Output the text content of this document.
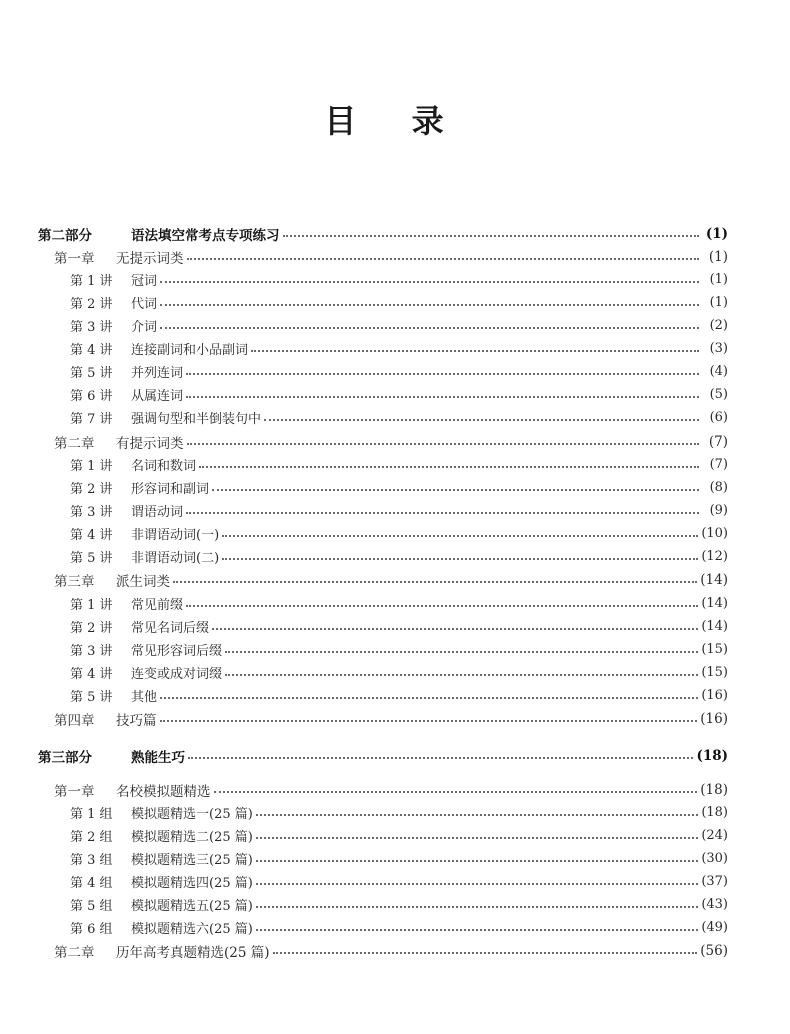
目 录
第二部分	语法填空常考点专项练习	(1)
第一章	无提示词类	(1)
第 1 讲	冠词	(1)
第 2 讲	代词	(1)
第 3 讲	介词	(2)
第 4 讲	连接副词和小品副词	(3)
第 5 讲	并列连词	(4)
第 6 讲	从属连词	(5)
第 7 讲	强调句型和半倒装句中	(6)
第二章	有提示词类	(7)
第 1 讲	名词和数词	(7)
第 2 讲	形容词和副词	(8)
第 3 讲	谓语动词	(9)
第 4 讲	非谓语动词(一)	(10)
第 5 讲	非谓语动词(二)	(12)
第三章	派生词类	(14)
第 1 讲	常见前缀	(14)
第 2 讲	常见名词后缀	(14)
第 3 讲	常见形容词后缀	(15)
第 4 讲	连变或成对词缀	(15)
第 5 讲	其他	(16)
第四章	技巧篇	(16)
第三部分	熟能生巧	(18)
第一章	名校模拟题精选	(18)
第 1 组	模拟题精选一(25 篇)	(18)
第 2 组	模拟题精选二(25 篇)	(24)
第 3 组	模拟题精选三(25 篇)	(30)
第 4 组	模拟题精选四(25 篇)	(37)
第 5 组	模拟题精选五(25 篇)	(43)
第 6 组	模拟题精选六(25 篇)	(49)
第二章	历年高考真题精选(25 篇)	(56)
